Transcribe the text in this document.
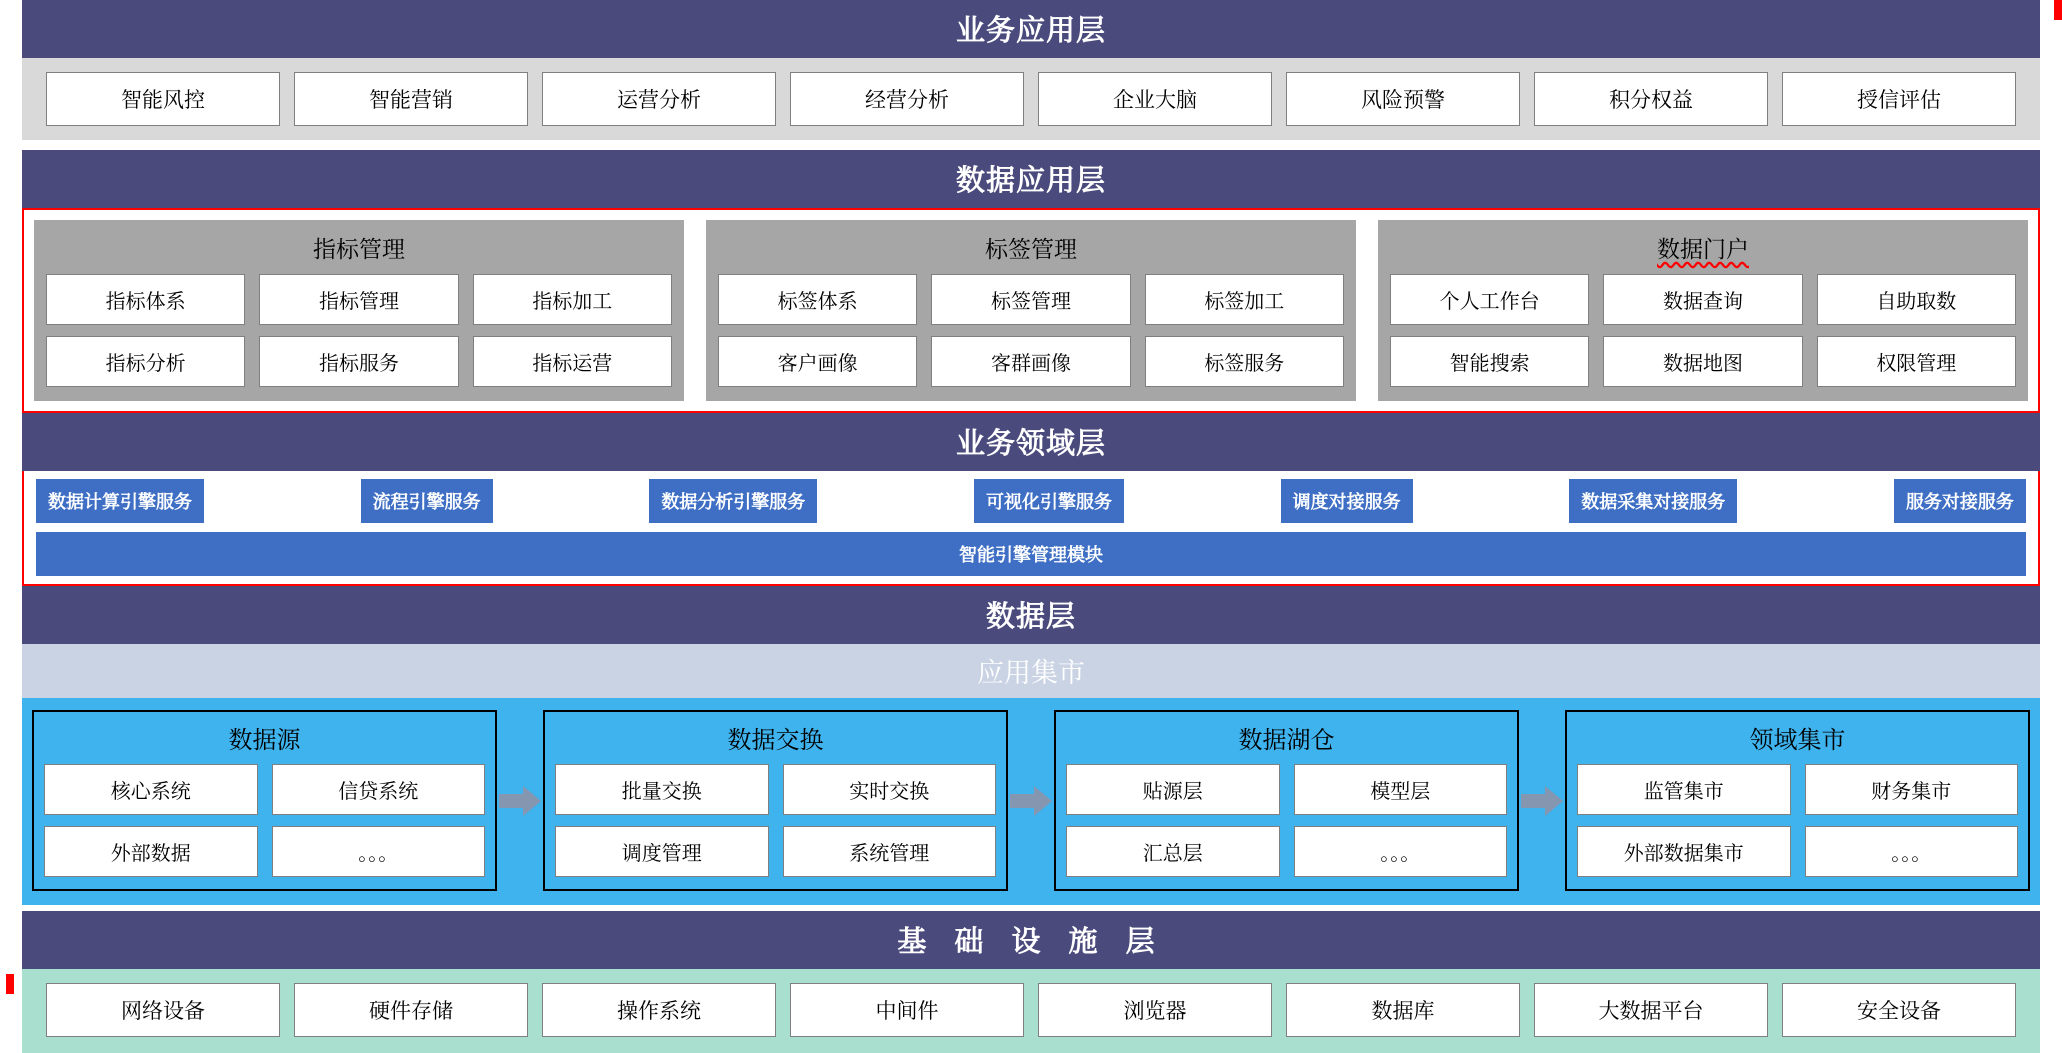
业务应用层
智能风控	智能营销	运营分析	经营分析	企业大脑	风险预警	积分权益	授信评估
数据应用层
指标管理
指标体系	指标管理	指标加工
指标分析	指标服务	指标运营
标签管理
标签体系	标签管理	标签加工
客户画像	客群画像	标签服务
数据门户
个人工作台	数据查询	自助取数
智能搜索	数据地图	权限管理
业务领域层
数据计算引擎服务	流程引擎服务	数据分析引擎服务	可视化引擎服务	调度对接服务	数据采集对接服务	服务对接服务
智能引擎管理模块
数据层
应用集市
数据源
核心系统	信贷系统
外部数据	。。。
数据交换
批量交换	实时交换
调度管理	系统管理
数据湖仓
贴源层	模型层
汇总层	。。。
领域集市
监管集市	财务集市
外部数据集市	。。。
基 础 设 施 层
网络设备	硬件存储	操作系统	中间件	浏览器	数据库	大数据平台	安全设备
